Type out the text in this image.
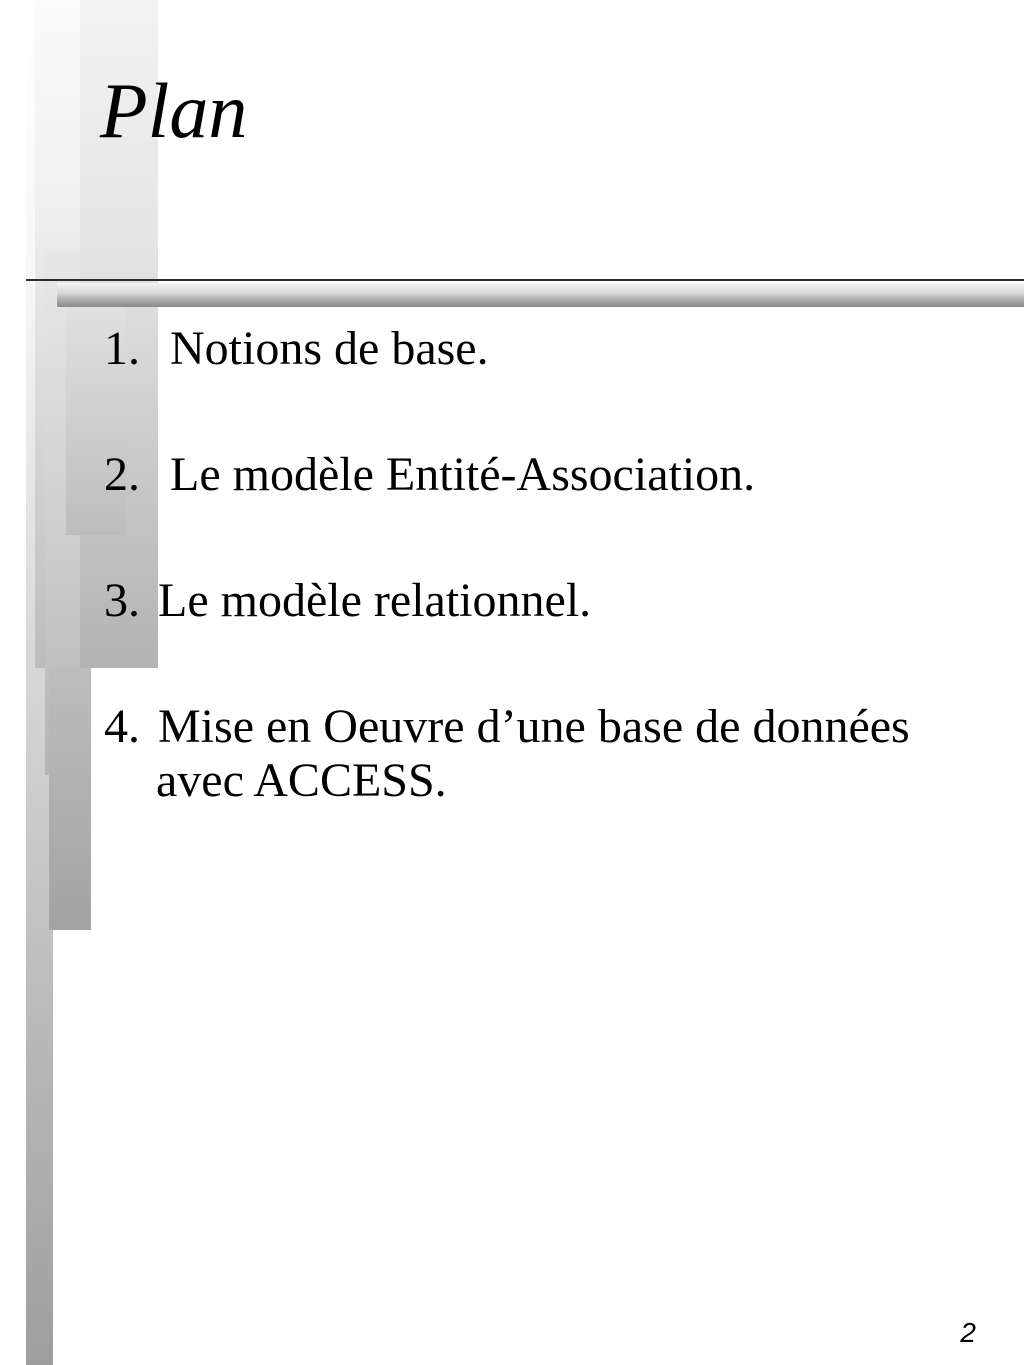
Plan
1. Notions de base.
2. Le modèle Entité-Association.
3. Le modèle relationnel.
4. Mise en Oeuvre d’une base de données
avec ACCESS.
2
